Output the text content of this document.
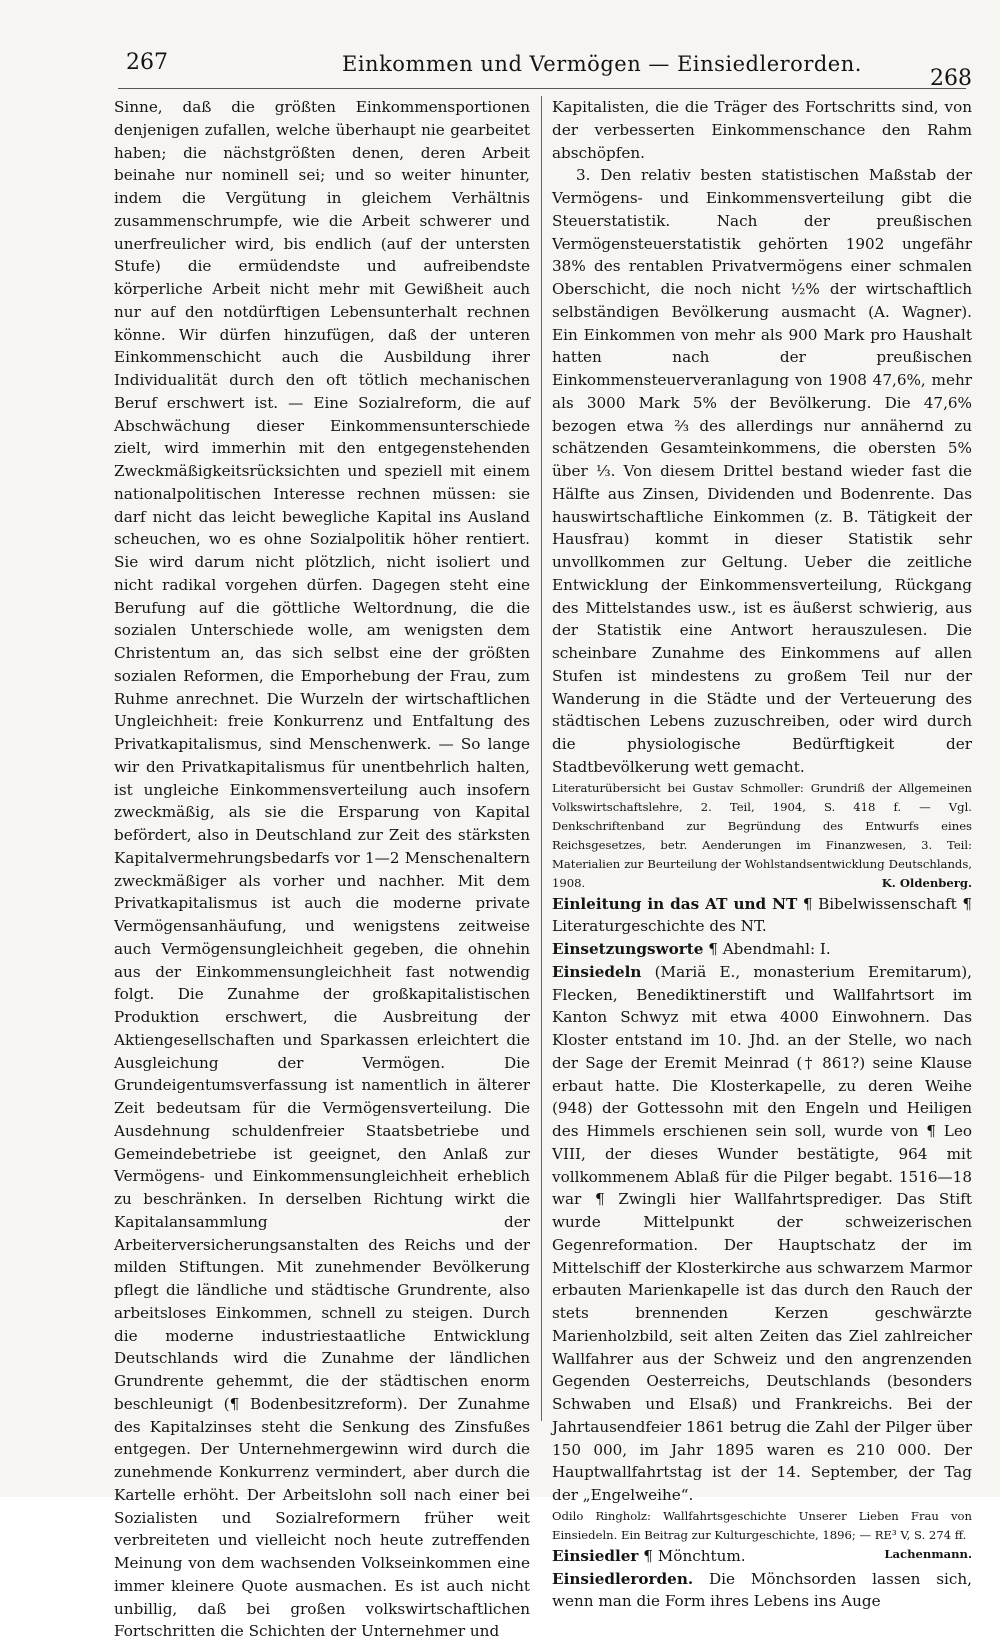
267	Einkommen und Vermögen — Einsiedlerorden.
268

Sinne, daß die größten Einkommensportionen denjenigen zufallen, welche überhaupt nie gearbeitet haben; die nächstgrößten denen, deren Arbeit beinahe nur nominell sei; und so weiter hinunter, indem die Vergütung in gleichem Verhältnis zusammenschrumpfe, wie die Arbeit schwerer und unerfreulicher wird, bis endlich (auf der untersten Stufe) die ermüdendste und aufreibendste körperliche Arbeit nicht mehr mit Gewißheit auch nur auf den notdürftigen Lebensunterhalt rechnen könne. Wir dürfen hinzufügen, daß der unteren Einkommenschicht auch die Ausbildung ihrer Individualität durch den oft tötlich mechanischen Beruf erschwert ist. — Eine Sozialreform, die auf Abschwächung dieser Einkommensunterschiede zielt, wird immerhin mit den entgegenstehenden Zweckmäßigkeitsrücksichten und speziell mit einem nationalpolitischen Interesse rechnen müssen: sie darf nicht das leicht bewegliche Kapital ins Ausland scheuchen, wo es ohne Sozialpolitik höher rentiert. Sie wird darum nicht plötzlich, nicht isoliert und nicht radikal vorgehen dürfen. Dagegen steht eine Berufung auf die göttliche Weltordnung, die die sozialen Unterschiede wolle, am wenigsten dem Christentum an, das sich selbst eine der größten sozialen Reformen, die Emporhebung der Frau, zum Ruhme anrechnet. Die Wurzeln der wirtschaftlichen Ungleichheit: freie Konkurrenz und Entfaltung des Privatkapitalismus, sind Menschenwerk. — So lange wir den Privatkapitalismus für unentbehrlich halten, ist ungleiche Einkommensverteilung auch insofern zweckmäßig, als sie die Ersparung von Kapital befördert, also in Deutschland zur Zeit des stärksten Kapitalvermehrungsbedarfs vor 1—2 Menschenaltern zweckmäßiger als vorher und nachher. Mit dem Privatkapitalismus ist auch die moderne private Vermögensanhäufung, und wenigstens zeitweise auch Vermögensungleichheit gegeben, die ohnehin aus der Einkommensungleichheit fast notwendig folgt. Die Zunahme der großkapitalistischen Produktion erschwert, die Ausbreitung der Aktiengesellschaften und Sparkassen erleichtert die Ausgleichung der Vermögen. Die Grundeigentumsverfassung ist namentlich in älterer Zeit bedeutsam für die Vermögensverteilung. Die Ausdehnung schuldenfreier Staatsbetriebe und Gemeindebetriebe ist geeignet, den Anlaß zur Vermögens- und Einkommensungleichheit erheblich zu beschränken. In derselben Richtung wirkt die Kapitalansammlung der Arbeiterversicherungsanstalten des Reichs und der milden Stiftungen. Mit zunehmender Bevölkerung pflegt die ländliche und städtische Grundrente, also arbeitsloses Einkommen, schnell zu steigen. Durch die moderne industriestaatliche Entwicklung Deutschlands wird die Zunahme der ländlichen Grundrente gehemmt, die der städtischen enorm beschleunigt (¶ Bodenbesitzreform). Der Zunahme des Kapitalzinses steht die Senkung des Zinsfußes entgegen. Der Unternehmergewinn wird durch die zunehmende Konkurrenz vermindert, aber durch die Kartelle erhöht. Der Arbeitslohn soll nach einer bei Sozialisten und Sozialreformern früher weit verbreiteten und vielleicht noch heute zutreffenden Meinung von dem wachsenden Volkseinkommen eine immer kleinere Quote ausmachen. Es ist auch nicht unbillig, daß bei großen volkswirtschaftlichen Fortschritten die Schichten der Unternehmer und

Kapitalisten, die die Träger des Fortschritts sind, von der verbesserten Einkommenschance den Rahm abschöpfen.

3. Den relativ besten statistischen Maßstab der Vermögens- und Einkommensverteilung gibt die Steuerstatistik. Nach der preußischen Vermögensteuerstatistik gehörten 1902 ungefähr 38% des rentablen Privatvermögens einer schmalen Oberschicht, die noch nicht ½% der wirtschaftlich selbständigen Bevölkerung ausmacht (A. Wagner). Ein Einkommen von mehr als 900 Mark pro Haushalt hatten nach der preußischen Einkommensteuerveranlagung von 1908 47,6%, mehr als 3000 Mark 5% der Bevölkerung. Die 47,6% bezogen etwa ⅔ des allerdings nur annähernd zu schätzenden Gesamteinkommens, die obersten 5% über ⅓. Von diesem Drittel bestand wieder fast die Hälfte aus Zinsen, Dividenden und Bodenrente. Das hauswirtschaftliche Einkommen (z. B. Tätigkeit der Hausfrau) kommt in dieser Statistik sehr unvollkommen zur Geltung. Ueber die zeitliche Entwicklung der Einkommensverteilung, Rückgang des Mittelstandes usw., ist es äußerst schwierig, aus der Statistik eine Antwort herauszulesen. Die scheinbare Zunahme des Einkommens auf allen Stufen ist mindestens zu großem Teil nur der Wanderung in die Städte und der Verteuerung des städtischen Lebens zuzuschreiben, oder wird durch die physiologische Bedürftigkeit der Stadtbevölkerung wett gemacht.

Literaturübersicht bei Gustav Schmoller: Grundriß der Allgemeinen Volkswirtschaftslehre, 2. Teil, 1904, S. 418 f. — Vgl. Denkschriftenband zur Begründung des Entwurfs eines Reichsgesetzes, betr. Aenderungen im Finanzwesen, 3. Teil: Materialien zur Beurteilung der Wohlstandsentwicklung Deutschlands, 1908.	K. Oldenberg.

Einleitung in das AT und NT ¶ Bibelwissenschaft ¶ Literaturgeschichte des NT.

Einsetzungsworte ¶ Abendmahl: I.

Einsiedeln (Mariä E., monasterium Eremitarum), Flecken, Benediktinerstift und Wallfahrtsort im Kanton Schwyz mit etwa 4000 Einwohnern. Das Kloster entstand im 10. Jhd. an der Stelle, wo nach der Sage der Eremit Meinrad († 861?) seine Klause erbaut hatte. Die Klosterkapelle, zu deren Weihe (948) der Gottessohn mit den Engeln und Heiligen des Himmels erschienen sein soll, wurde von ¶ Leo VIII, der dieses Wunder bestätigte, 964 mit vollkommenem Ablaß für die Pilger begabt. 1516—18 war ¶ Zwingli hier Wallfahrtsprediger. Das Stift wurde Mittelpunkt der schweizerischen Gegenreformation. Der Hauptschatz der im Mittelschiff der Klosterkirche aus schwarzem Marmor erbauten Marienkapelle ist das durch den Rauch der stets brennenden Kerzen geschwärzte Marienholzbild, seit alten Zeiten das Ziel zahlreicher Wallfahrer aus der Schweiz und den angrenzenden Gegenden Oesterreichs, Deutschlands (besonders Schwaben und Elsaß) und Frankreichs. Bei der Jahrtausendfeier 1861 betrug die Zahl der Pilger über 150 000, im Jahr 1895 waren es 210 000. Der Hauptwallfahrtstag ist der 14. September, der Tag der „Engelweihe“.

Odilo Ringholz: Wallfahrtsgeschichte Unserer Lieben Frau von Einsiedeln. Ein Beitrag zur Kulturgeschichte, 1896; — RE³ V, S. 274 ff.
Lachenmann.

Einsiedler ¶ Mönchtum.

Einsiedlerorden. Die Mönchsorden lassen sich, wenn man die Form ihres Lebens ins Auge
